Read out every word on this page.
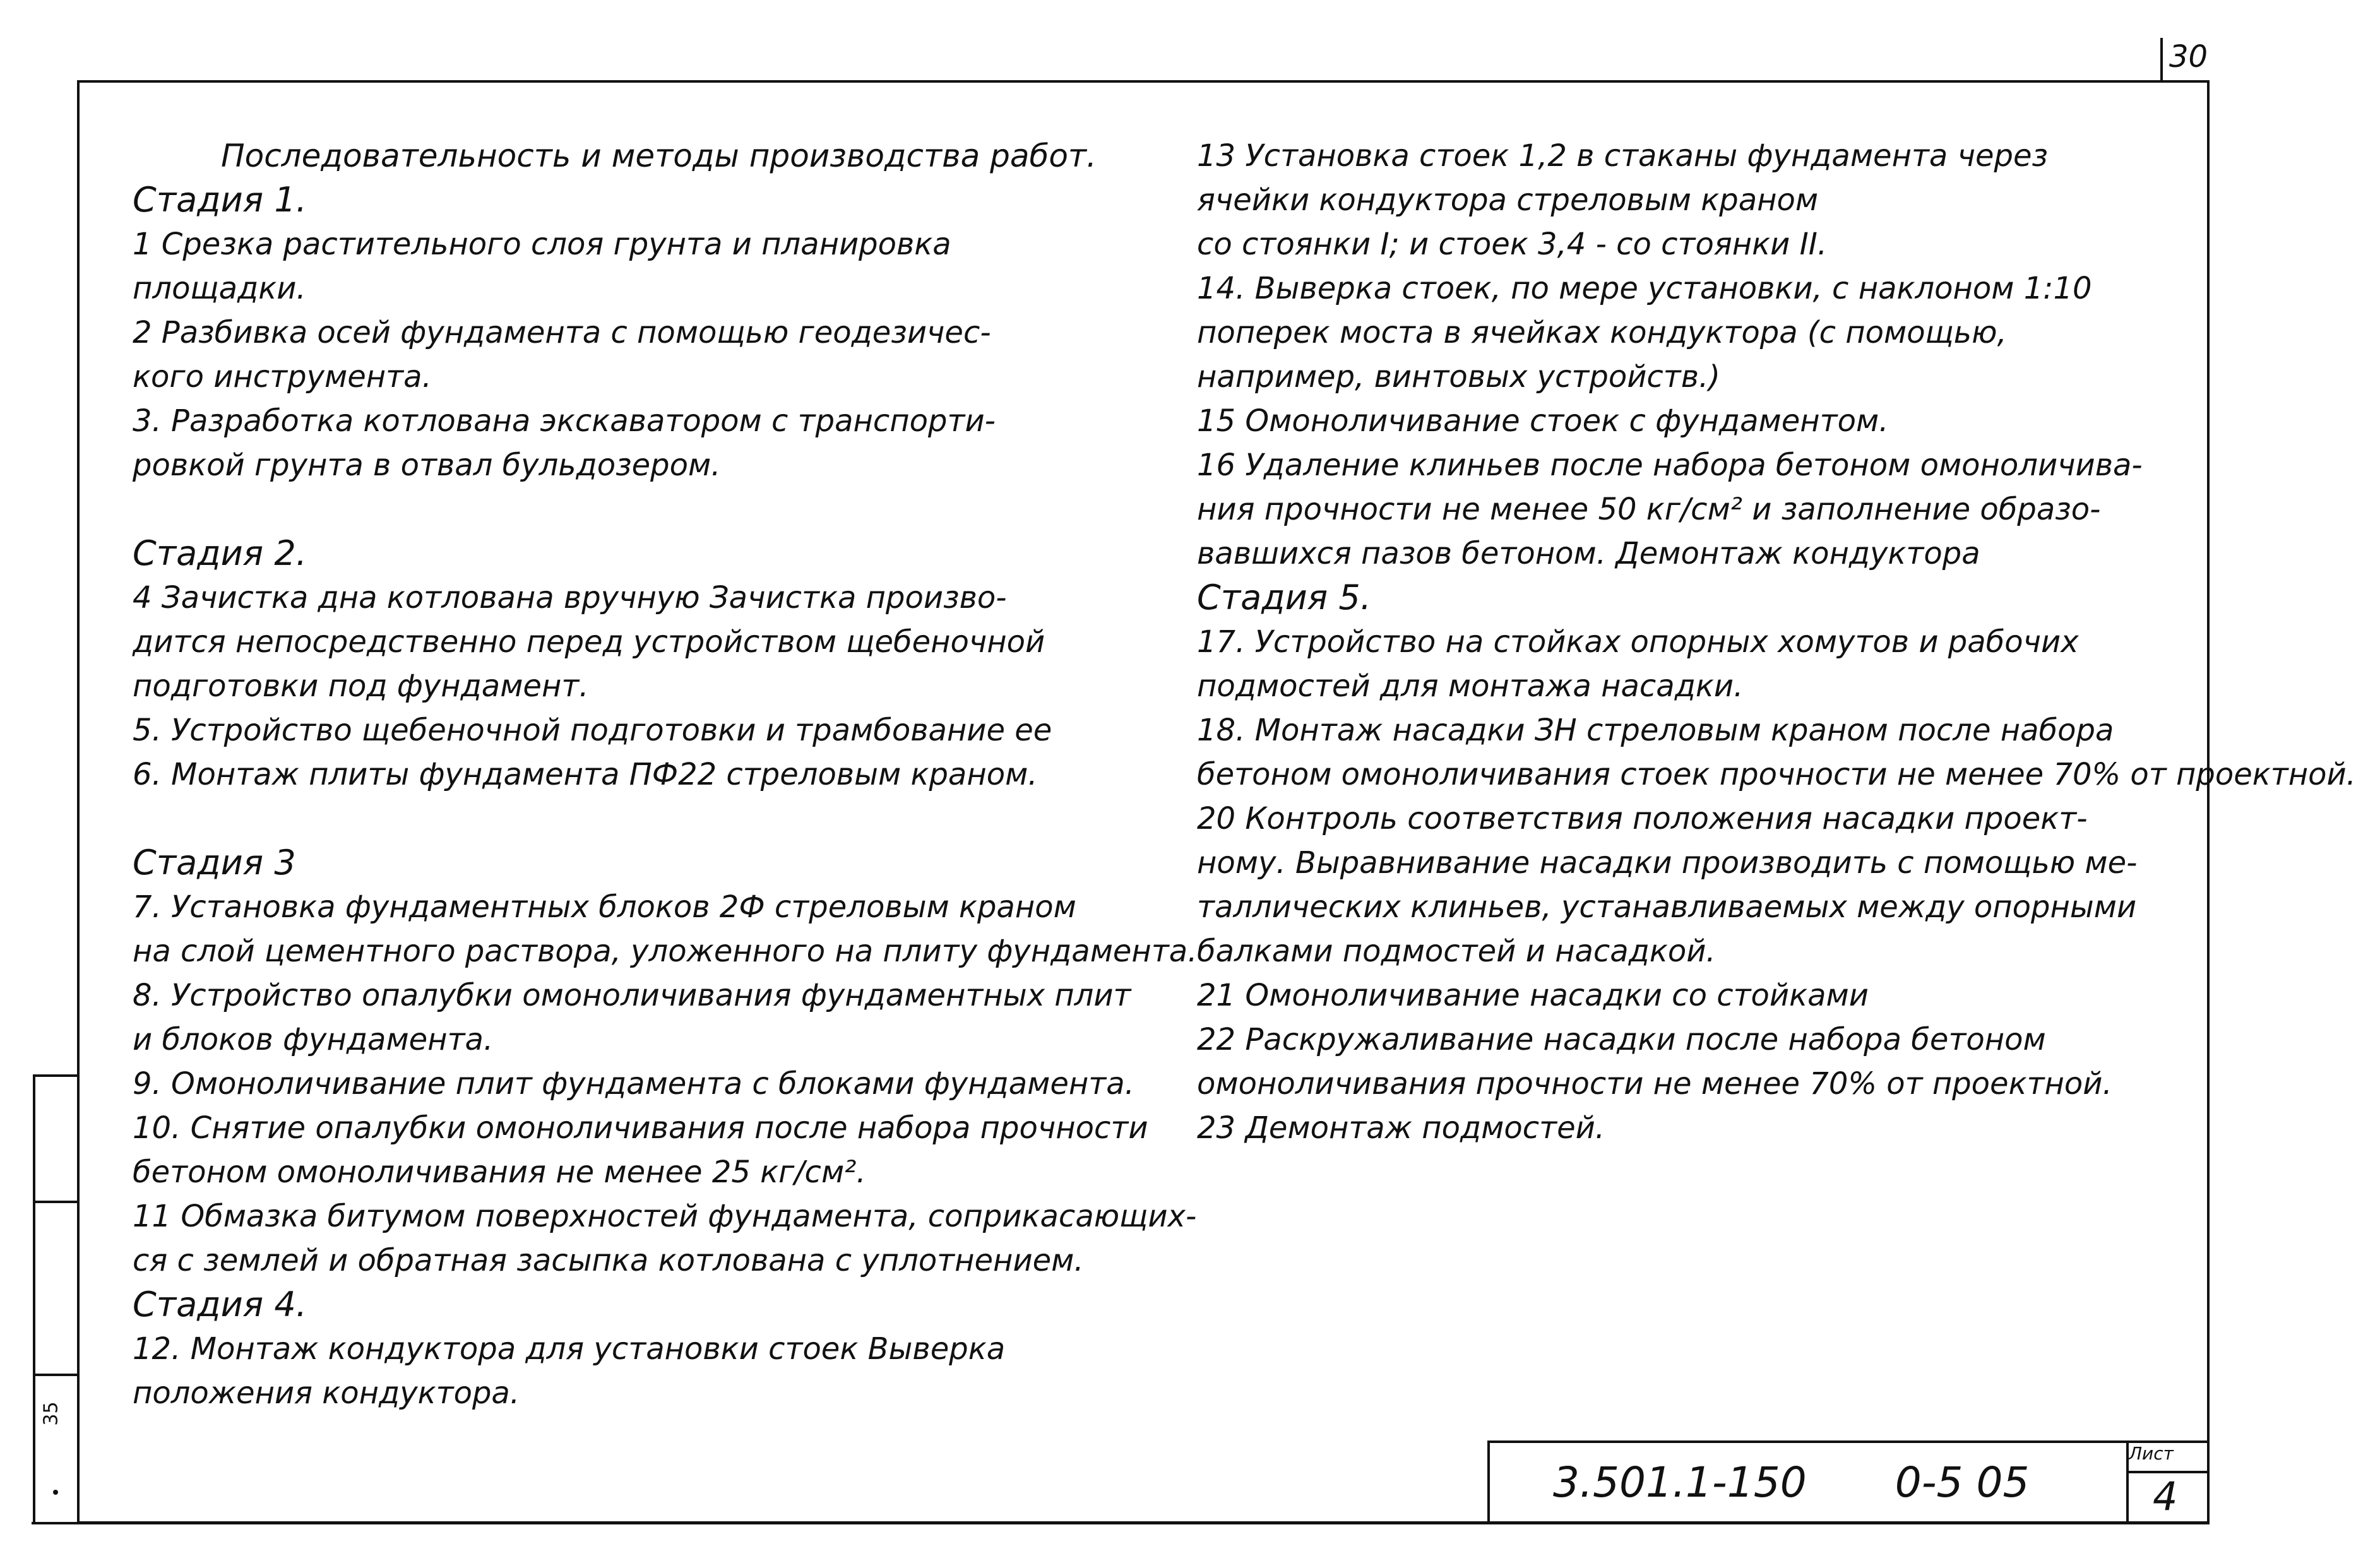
30
35
Последовательность и методы производства работ.
Стадия 1.
1 Срезка растительного слоя грунта и планировка
площадки.
2 Разбивка осей фундамента с помощью геодезичес-
кого инструмента.
3. Разработка котлована экскаватором с транспорти-
ровкой грунта в отвал бульдозером.
Стадия 2.
4 Зачистка дна котлована вручную Зачистка произво-
дится непосредственно перед устройством щебеночной
подготовки под фундамент.
5. Устройство щебеночной подготовки и трамбование ее
6. Монтаж плиты фундамента ПФ22 стреловым краном.
Стадия 3
7. Установка фундаментных блоков 2Ф стреловым краном
на слой цементного раствора, уложенного на плиту фундамента.
8. Устройство опалубки омоноличивания фундаментных плит
и блоков фундамента.
9. Омоноличивание плит фундамента с блоками фундамента.
10. Снятие опалубки омоноличивания после набора прочности
бетоном омоноличивания не менее 25 кг/см².
11 Обмазка битумом поверхностей фундамента, соприкасающих-
ся с землей и обратная засыпка котлована с уплотнением.
Стадия 4.
12. Монтаж кондуктора для установки стоек Выверка
положения кондуктора.
13 Установка стоек 1,2 в стаканы фундамента через
ячейки кондуктора стреловым краном
со стоянки I; и стоек 3,4 - со стоянки II.
14. Выверка стоек, по мере установки, с наклоном 1:10
поперек моста в ячейках кондуктора (с помощью,
например, винтовых устройств.)
15 Омоноличивание стоек с фундаментом.
16 Удаление клиньев после набора бетоном омоноличива-
ния прочности не менее 50 кг/см² и заполнение образо-
вавшихся пазов бетоном. Демонтаж кондуктора
Стадия 5.
17. Устройство на стойках опорных хомутов и рабочих
подмостей для монтажа насадки.
18. Монтаж насадки ЗН стреловым краном после набора
бетоном омоноличивания стоек прочности не менее 70% от проектной.
20 Контроль соответствия положения насадки проект-
ному. Выравнивание насадки производить с помощью ме-
таллических клиньев, устанавливаемых между опорными
балками подмостей и насадкой.
21 Омоноличивание насадки со стойками
22 Раскружаливание насадки после набора бетоном
омоноличивания прочности не менее 70% от проектной.
23 Демонтаж подмостей.
3.501.1-150 0-5 05
Лист
4
